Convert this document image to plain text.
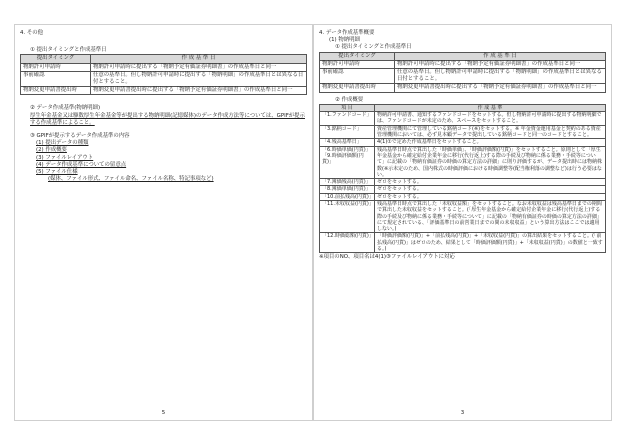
4. その他

① 提出タイミングと作成基準日

提出タイミング	作 成 基 準 日
物納許可申請時	物納許可申請時に提出する「物納予定有価証券明細書」の作成基準日と同一
事前確認	任意の基準日。但し物納許可申請時に提出する「物納明細」の作成基準日とは異なる日付とすること。
物納変更申請書提出時	物納変更申請書提出時に提出する「物納予定有価証券明細書」の作成基準日と同一

② データ作成基準(物納明細)

厚生年金基金又は駆数厚生年金基金等が提出する物納明細(記憶媒体)のデータ作成方法等については、GPIFが提示する作成基準によること。

③ GPIFが提示するデータ作成基準の内容

(1) 提出データの種類

(2) 作成概要

(3) ファイルレイアウト

(4) データ作成基準についての留意点

(5) ファイル仕様

(媒体、ファイル形式、ファイル命名、ファイル名称、特記事項など)

5

4. データ作成基準概要

(1) 物納明細

① 提出タイミングと作成基準日

提出タイミング	作 成 基 準 日
物納許可申請時	物納許可申請時に提出する「物納予定有価証券明細書」の作成基準日と同一
事前確認	任意の基準日。但し物納許可申請時に提出する「物納明細」の作成基準日とは異なる日付とすること。
物納変更申請書提出時	物納変更申請書提出時に提出する「物納予定有価証券明細書」の作成基準日と同一

② 作成概要

項 目	作 成 基 準
「1.ファンドコード」	物納許可申請書、通知するファンドコードをセットする。但し物納許可申請時に提出する物納明細では、ファンドコードが未定のため、スペースをセットすること。
「3.銘柄コード」	資産管理機関にて管理している銘柄コード(※)をセットする。※ 年金資金運用基金と契約のある資産管理機関においては、必ず見本顧データで提出している銘柄コードと同一のコードとすること。
「4.残高基準日」	4(1)①で定めた作成基準日をセットすること。
「6.時価単価(円貨)」「9.時価評価額(円貨)」	残高基準日時点で算出した「時価単価」、「時価評価額(円貨)」をセットすること。原則として「厚生年金基金から確定給付企業年金に移行(代行返上)する際の手続及び物納に係る業務・手続等について」に記載の「物納有価証券の時価の算定方法の詳細」に則り評価するが、データ提出時には物納株数(※示未定のため、国内株式の時価評価における時価調整等(配当権利落の調整など)は行う必要はない。
「7.簿価残高(円貨)」	ゼロをセットする。
「8.簿価単価(円貨)」	ゼロをセットする。
「10.前払残高(円貨)」	ゼロをセットする。
「11.未収収益(円貨)」	残高基準日時点で算出した「未収収益額」をセットすること。なお未収収益は残高基準日までの期間で算出した未収収益をセットすること。(「厚生年金基金から確定給付企業年金に移行(代行返上)する際の手続及び物納に係る業務・手続等について」に記載の「物納有価証券の時価の算定方法の詳細」にて規定されている、「評価基準日の前営業日までの間の未収収益」という算出方法はここでは適用しない。)
「12.時価総額(円貨)」	「時価評価額(円貨)」+「前払残高(円貨)」+「未収収益(円貨)」の算出結果をセットすること。(「前払残高(円貨)」はゼロのため、結果として「時価評価額(円貨)」+「未収収益(円貨)」の数値と一致する。)

※項目のNO、項目名は4(1)③ファイルレイアウトに対応

3
